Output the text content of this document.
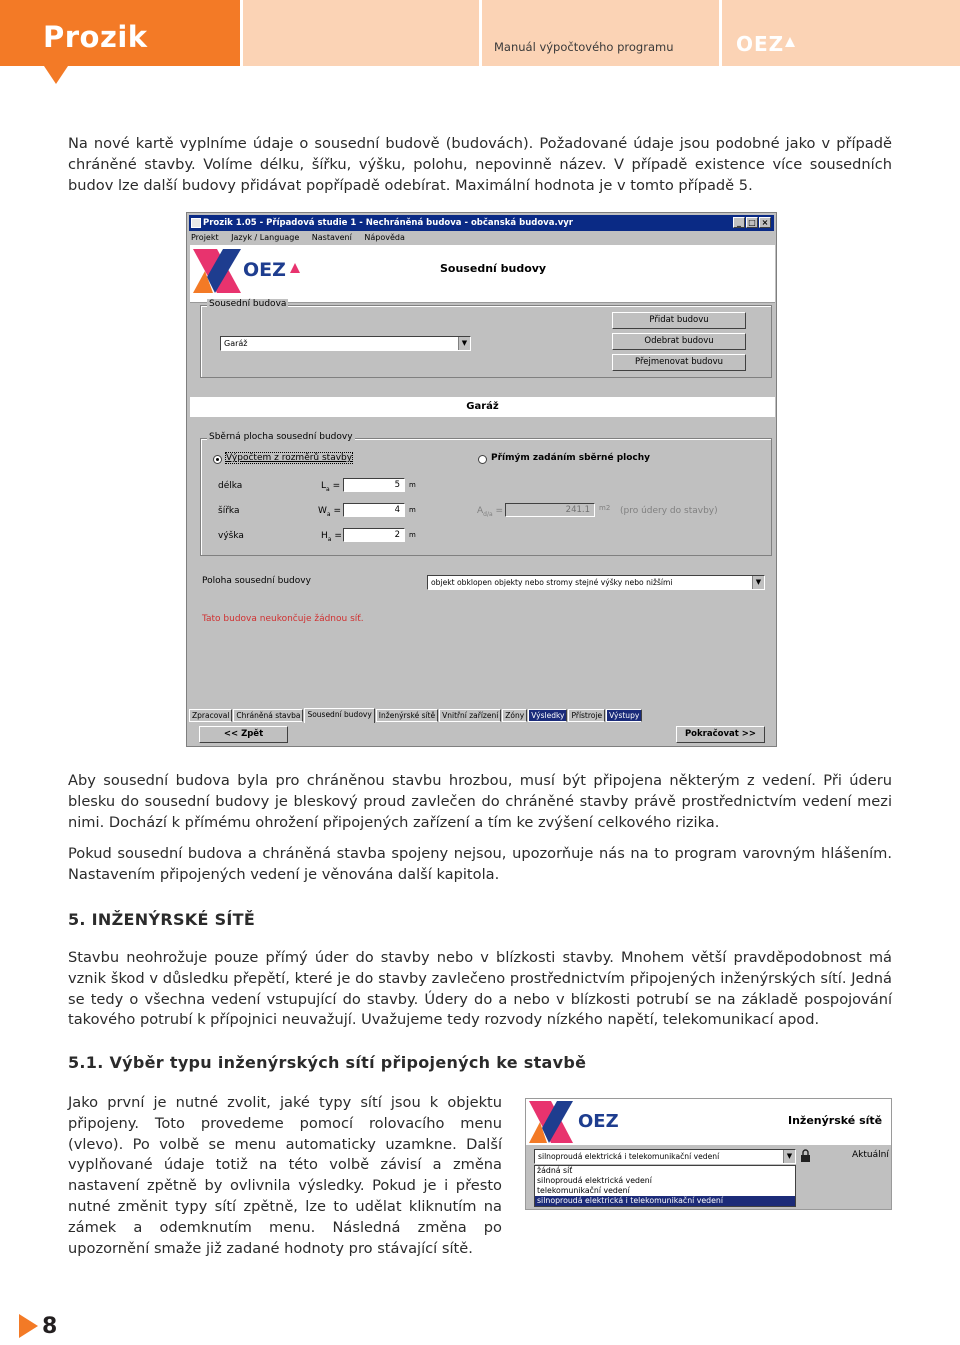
Prozik	Manuál výpočtového programu	OEZ
Na nové kartě vyplníme údaje o sousední budově (budovách). Požadované údaje jsou podobné jako v případě chráněné stavby. Volíme délku, šířku, výšku, polohu, nepovinně název. V případě existence více sousedních budov lze další budovy přidávat popřípadě odebírat. Maximální hodnota je v tomto případě 5.
Prozik 1.05 - Případová studie 1 - Nechráněná budova - občanská budova.vyr	_ □ ×
Projekt Jazyk / Language Nastavení Nápověda
OEZ	Sousední budovy
Sousední budova
Garáž	▼
Přidat budovu
Odebrat budovu
Přejmenovat budovu
Garáž
Sběrná plocha sousední budovy
Výpočtem z rozměrů stavby	Přímým zadáním sběrné plochy
délka	$L_a$ =	5	m
šířka	$W_a$ =	4	m
výška	$H_a$ =	2	m
$A_{d/a}$ =	241.1	m2 (pro údery do stavby)
Poloha sousední budovy	objekt obklopen objekty nebo stromy stejné výšky nebo nižšími	▼
Tato budova neukončuje žádnou síť.
Zpracoval Chráněná stavba Sousední budovy Inženýrské sítě Vnitřní zařízení Zóny Výsledky Přístroje Výstupy
<< Zpět	Pokračovat >>
Aby sousední budova byla pro chráněnou stavbu hrozbou, musí být připojena některým z vedení. Při úderu blesku do sousední budovy je bleskový proud zavlečen do chráněné stavby právě prostřednictvím vedení mezi nimi. Dochází k přímému ohrožení připojených zařízení a tím ke zvýšení celkového rizika.
Pokud sousední budova a chráněná stavba spojeny nejsou, upozorňuje nás na to program varovným hlášením. Nastavením připojených vedení je věnována další kapitola.
5. INŽENÝRSKÉ SÍTĚ
Stavbu neohrožuje pouze přímý úder do stavby nebo v blízkosti stavby. Mnohem větší pravděpodobnost má vznik škod v důsledku přepětí, které je do stavby zavlečeno prostřednictvím připojených inženýrských sítí. Jedná se tedy o všechna vedení vstupující do stavby. Údery do a nebo v blízkosti potrubí se na základě pospojování takového potrubí k přípojnici neuvažují. Uvažujeme tedy rozvody nízkého napětí, telekomunikací apod.
5.1. Výběr typu inženýrských sítí připojených ke stavbě
Jako první je nutné zvolit, jaké typy sítí jsou k objektu připojeny. Toto provedeme pomocí rolovacího menu (vlevo). Po volbě se menu automaticky uzamkne. Další vyplňované údaje totiž na této volbě závisí a změna nastavení zpětně by ovlivnila výsledky. Pokud je i přesto nutné změnit typy sítí zpětně, lze to udělat kliknutím na zámek a odemknutím menu. Následná změna po upozornění smaže již zadané hodnoty pro stávající sítě.
OEZ	Inženýrské sítě
silnoproudá elektrická i telekomunikační vedení	▼	Aktuální
žádná síť
silnoproudá elektrická vedení
telekomunikační vedení
silnoproudá elektrická i telekomunikační vedení
8
